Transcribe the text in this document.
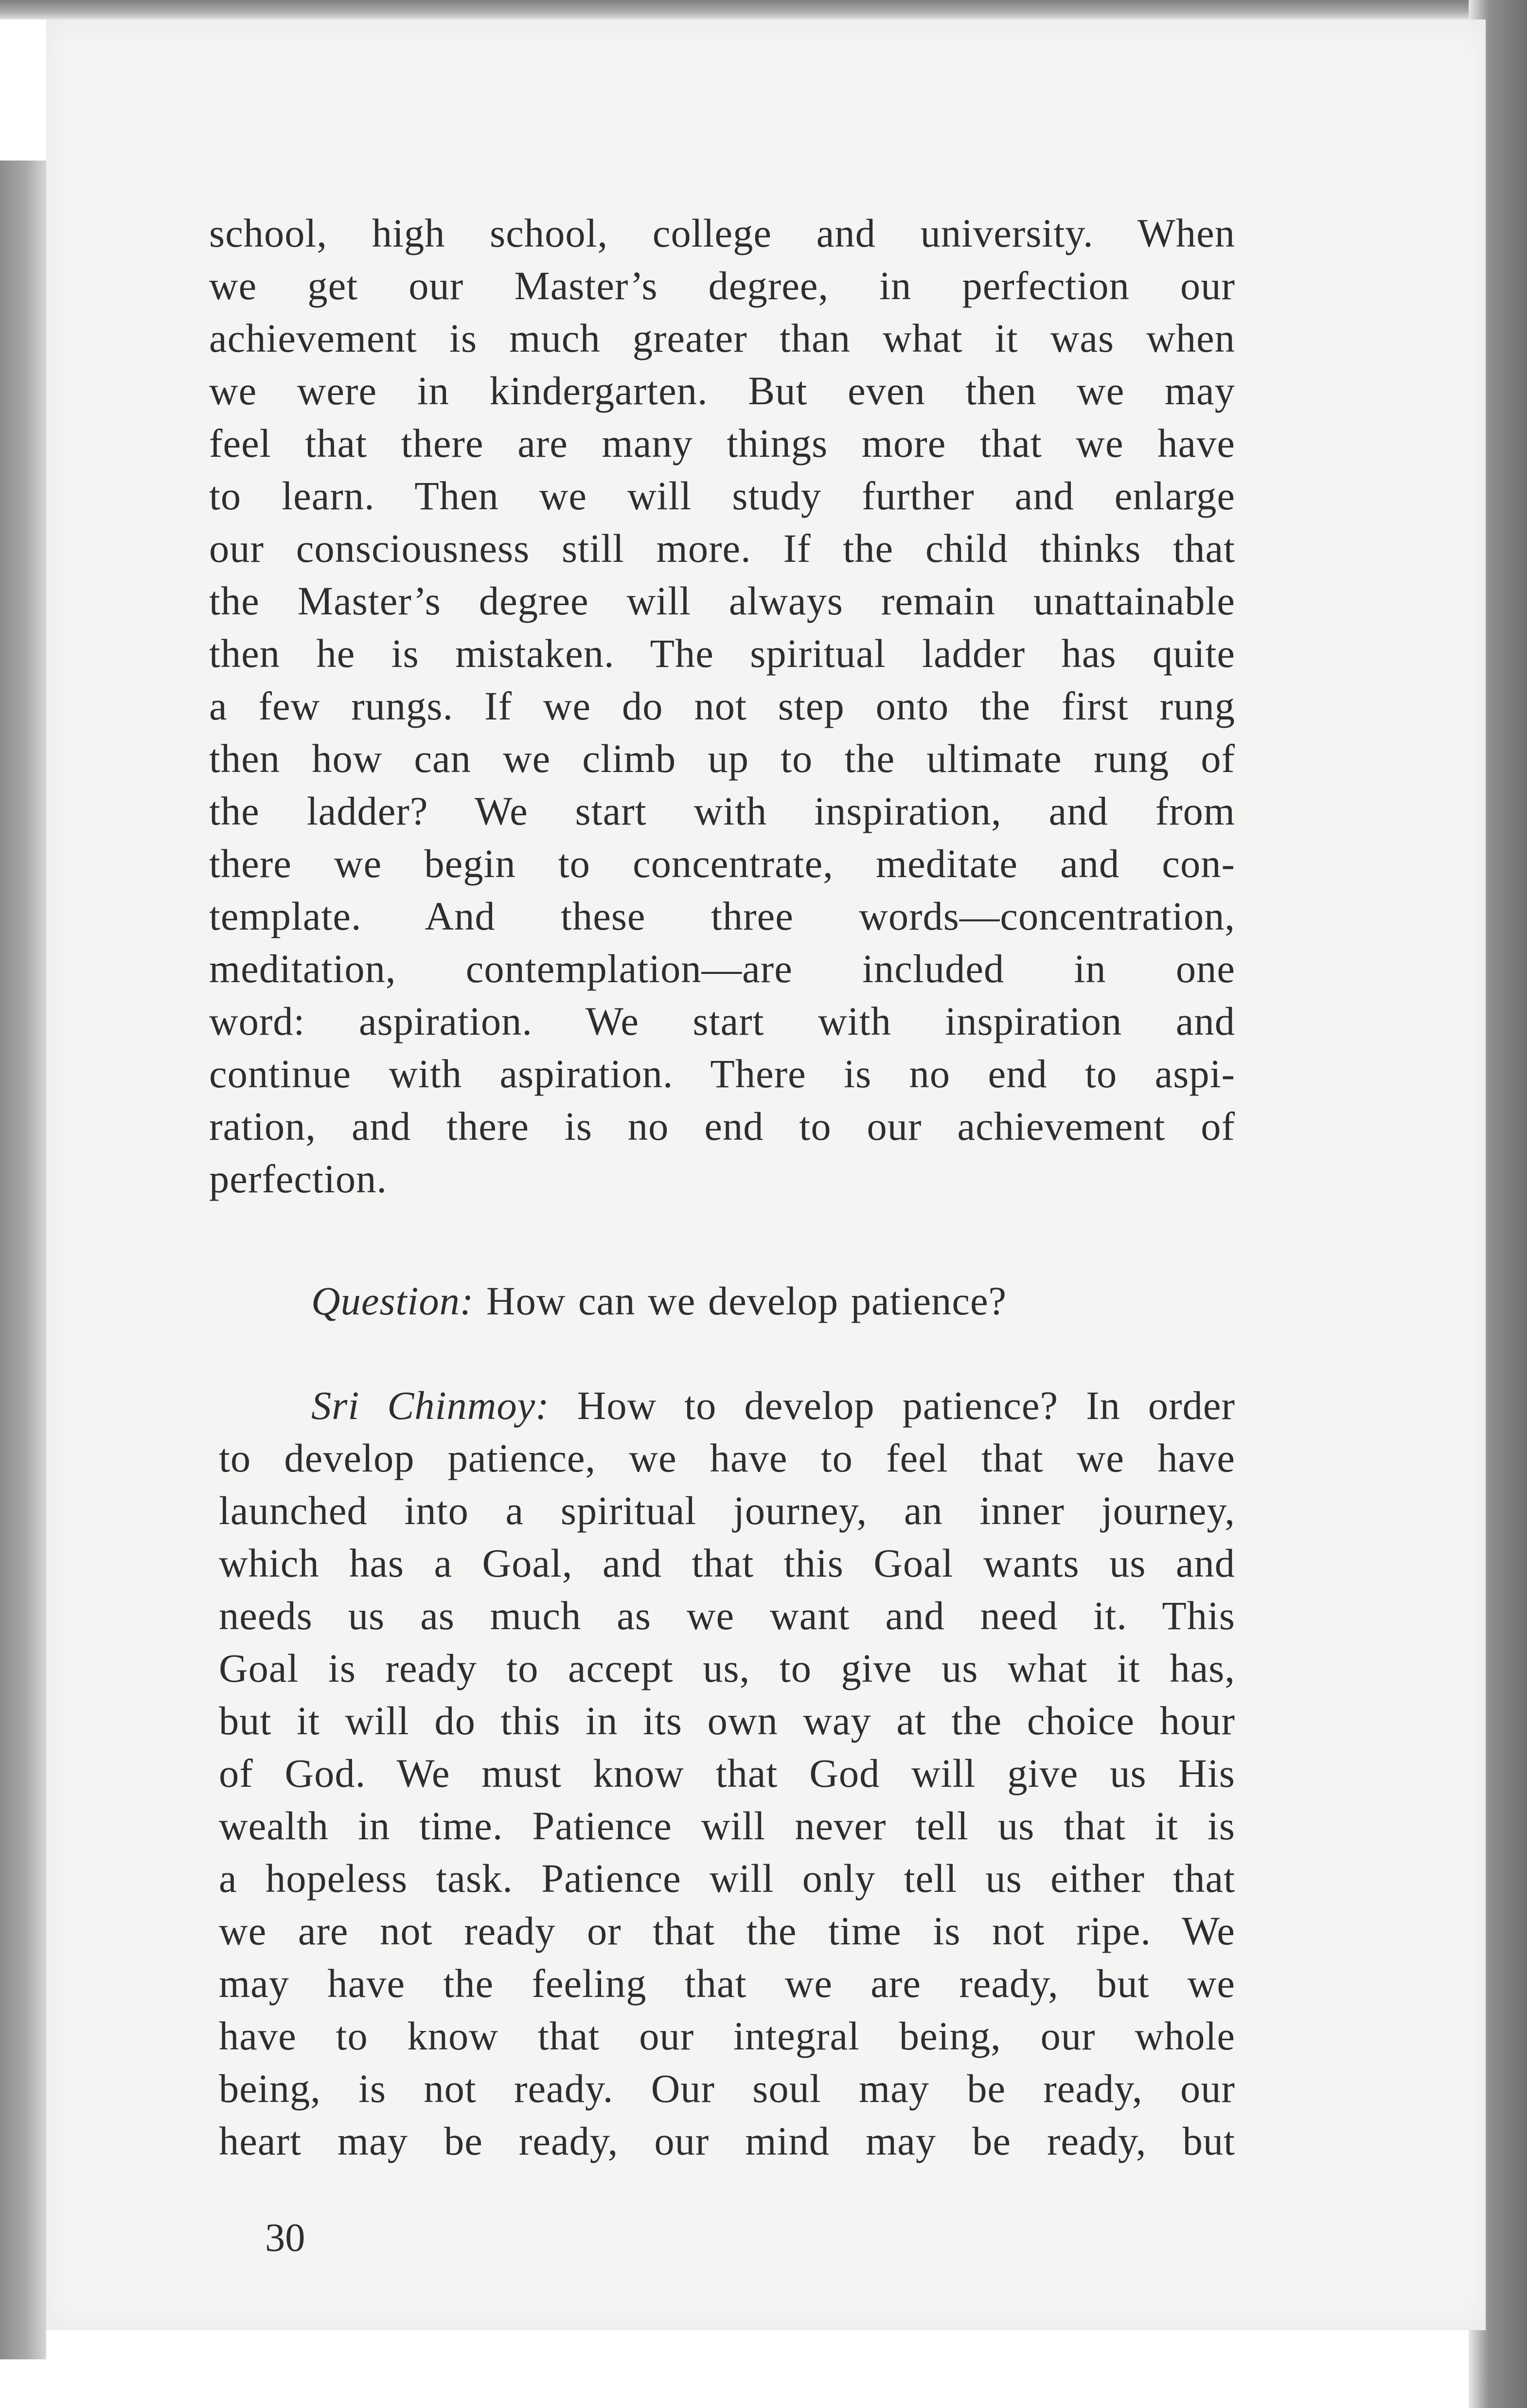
school, high school, college and university. When
we get our Master’s degree, in perfection our
achievement is much greater than what it was when
we were in kindergarten. But even then we may
feel that there are many things more that we have
to learn. Then we will study further and enlarge
our consciousness still more. If the child thinks that
the Master’s degree will always remain unattainable
then he is mistaken. The spiritual ladder has quite
a few rungs. If we do not step onto the first rung
then how can we climb up to the ultimate rung of
the ladder? We start with inspiration, and from
there we begin to concentrate, meditate and con-
template. And these three words—concentration,
meditation, contemplation—are included in one
word: aspiration. We start with inspiration and
continue with aspiration. There is no end to aspi-
ration, and there is no end to our achievement of
perfection.
Question: How can we develop patience?
Sri Chinmoy: How to develop patience? In order
to develop patience, we have to feel that we have
launched into a spiritual journey, an inner journey,
which has a Goal, and that this Goal wants us and
needs us as much as we want and need it. This
Goal is ready to accept us, to give us what it has,
but it will do this in its own way at the choice hour
of God. We must know that God will give us His
wealth in time. Patience will never tell us that it is
a hopeless task. Patience will only tell us either that
we are not ready or that the time is not ripe. We
may have the feeling that we are ready, but we
have to know that our integral being, our whole
being, is not ready. Our soul may be ready, our
heart may be ready, our mind may be ready, but
30
